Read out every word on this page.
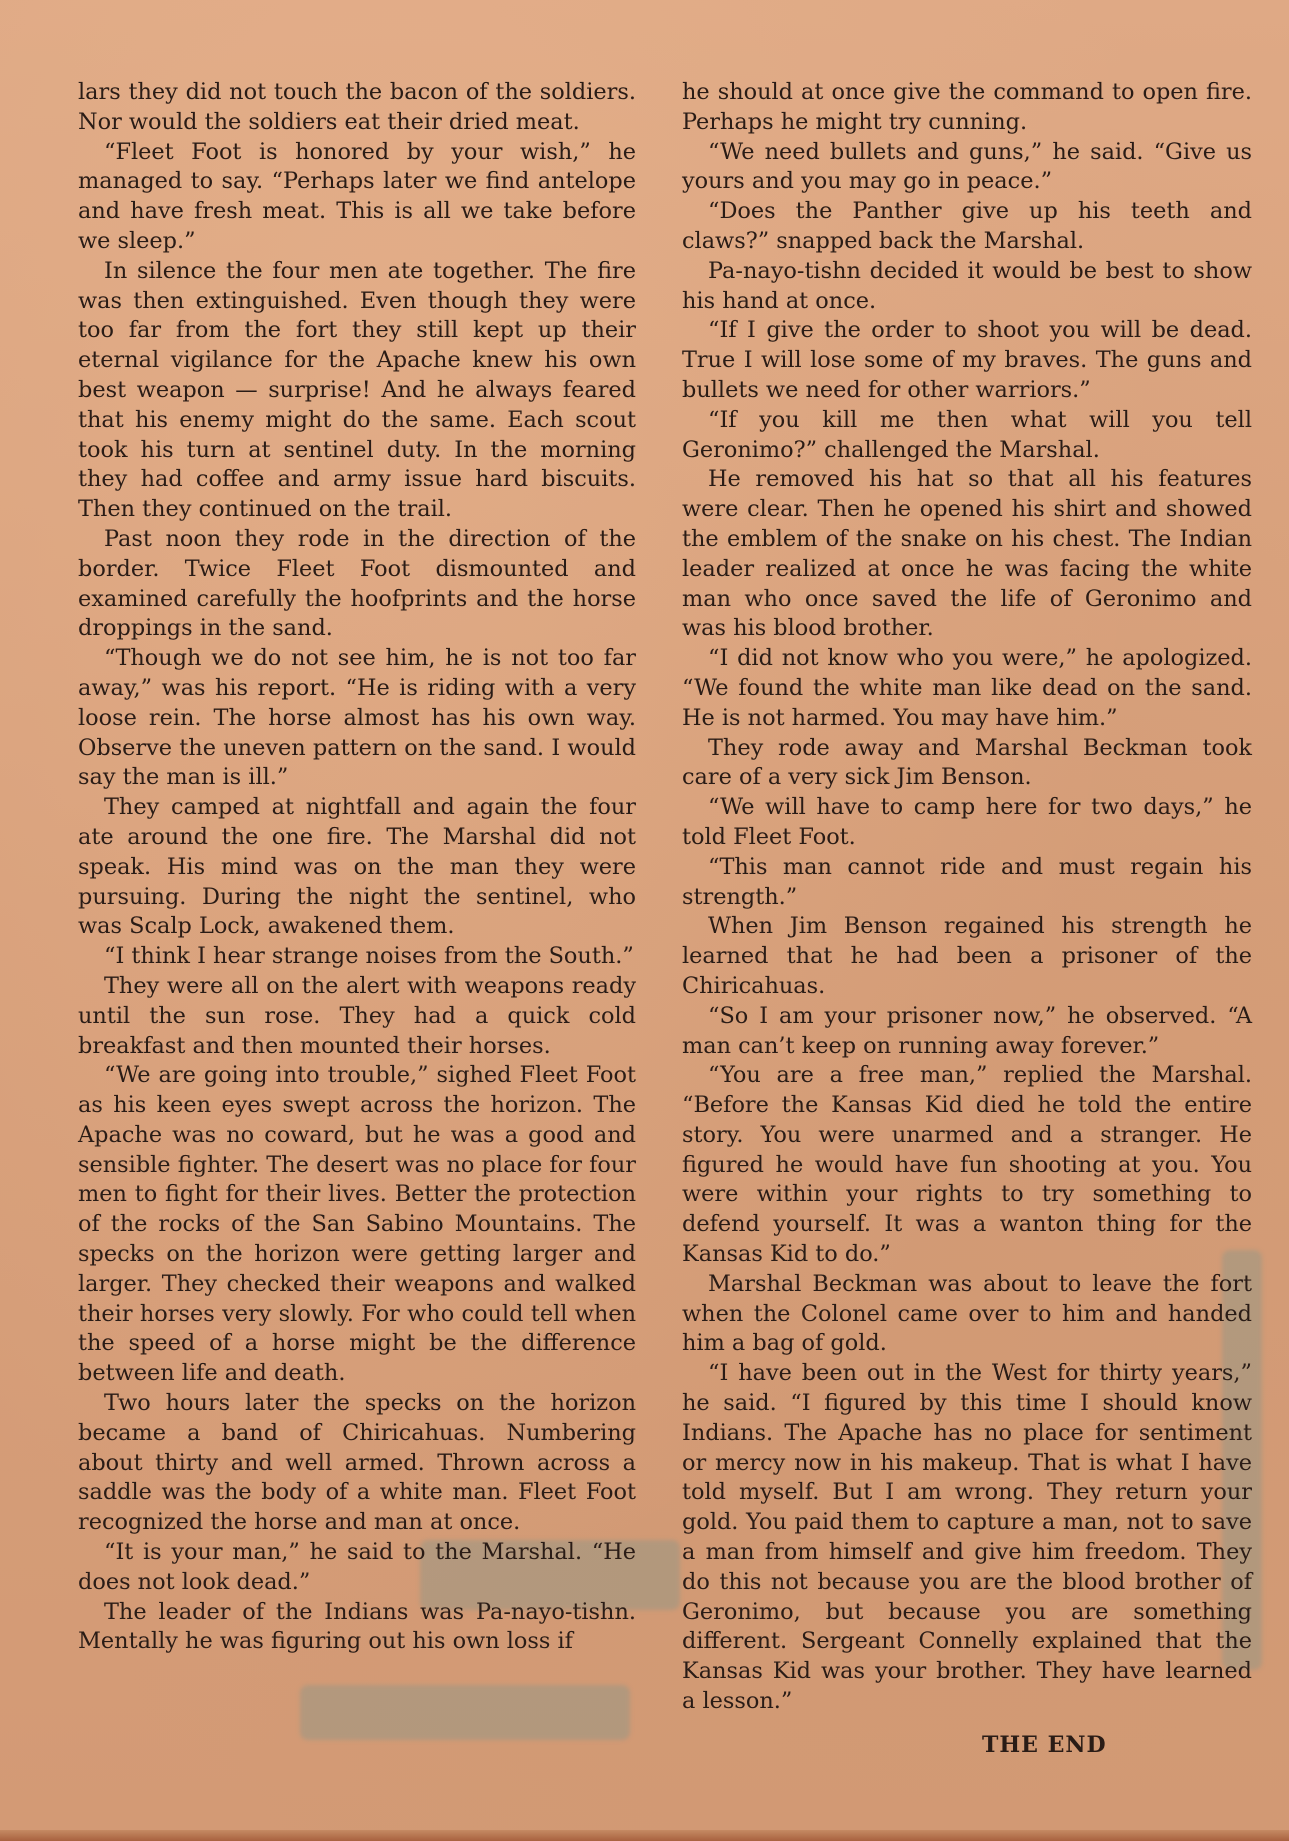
lars they did not touch the bacon of the soldiers. Nor would the soldiers eat their dried meat.

“Fleet Foot is honored by your wish,” he managed to say. “Perhaps later we find antelope and have fresh meat. This is all we take before we sleep.”

In silence the four men ate together. The fire was then extinguished. Even though they were too far from the fort they still kept up their eternal vigilance for the Apache knew his own best weapon — surprise! And he always feared that his enemy might do the same. Each scout took his turn at sentinel duty. In the morning they had coffee and army issue hard biscuits. Then they continued on the trail.

Past noon they rode in the direction of the border. Twice Fleet Foot dismounted and examined carefully the hoofprints and the horse droppings in the sand.

“Though we do not see him, he is not too far away,” was his report. “He is riding with a very loose rein. The horse almost has his own way. Observe the uneven pattern on the sand. I would say the man is ill.”

They camped at nightfall and again the four ate around the one fire. The Marshal did not speak. His mind was on the man they were pursuing. During the night the sentinel, who was Scalp Lock, awakened them.

“I think I hear strange noises from the South.”

They were all on the alert with weapons ready until the sun rose. They had a quick cold breakfast and then mounted their horses.

“We are going into trouble,” sighed Fleet Foot as his keen eyes swept across the horizon. The Apache was no coward, but he was a good and sensible fighter. The desert was no place for four men to fight for their lives. Better the protection of the rocks of the San Sabino Mountains. The specks on the horizon were getting larger and larger. They checked their weapons and walked their horses very slowly. For who could tell when the speed of a horse might be the difference between life and death.

Two hours later the specks on the horizon became a band of Chiricahuas. Numbering about thirty and well armed. Thrown across a saddle was the body of a white man. Fleet Foot recognized the horse and man at once.

“It is your man,” he said to the Marshal. “He does not look dead.”

The leader of the Indians was Pa-nayo-tishn. Mentally he was figuring out his own loss if

he should at once give the command to open fire. Perhaps he might try cunning.

“We need bullets and guns,” he said. “Give us yours and you may go in peace.”

“Does the Panther give up his teeth and claws?” snapped back the Marshal.

Pa-nayo-tishn decided it would be best to show his hand at once.

“If I give the order to shoot you will be dead. True I will lose some of my braves. The guns and bullets we need for other warriors.”

“If you kill me then what will you tell Geronimo?” challenged the Marshal.

He removed his hat so that all his features were clear. Then he opened his shirt and showed the emblem of the snake on his chest. The Indian leader realized at once he was facing the white man who once saved the life of Geronimo and was his blood brother.

“I did not know who you were,” he apologized. “We found the white man like dead on the sand. He is not harmed. You may have him.”

They rode away and Marshal Beckman took care of a very sick Jim Benson.

“We will have to camp here for two days,” he told Fleet Foot.

“This man cannot ride and must regain his strength.”

When Jim Benson regained his strength he learned that he had been a prisoner of the Chiricahuas.

“So I am your prisoner now,” he observed. “A man can’t keep on running away forever.”

“You are a free man,” replied the Marshal. “Before the Kansas Kid died he told the entire story. You were unarmed and a stranger. He figured he would have fun shooting at you. You were within your rights to try something to defend yourself. It was a wanton thing for the Kansas Kid to do.”

Marshal Beckman was about to leave the fort when the Colonel came over to him and handed him a bag of gold.

“I have been out in the West for thirty years,” he said. “I figured by this time I should know Indians. The Apache has no place for sentiment or mercy now in his makeup. That is what I have told myself. But I am wrong. They return your gold. You paid them to capture a man, not to save a man from himself and give him freedom. They do this not because you are the blood brother of Geronimo, but because you are something different. Sergeant Connelly explained that the Kansas Kid was your brother. They have learned a lesson.”

THE END
